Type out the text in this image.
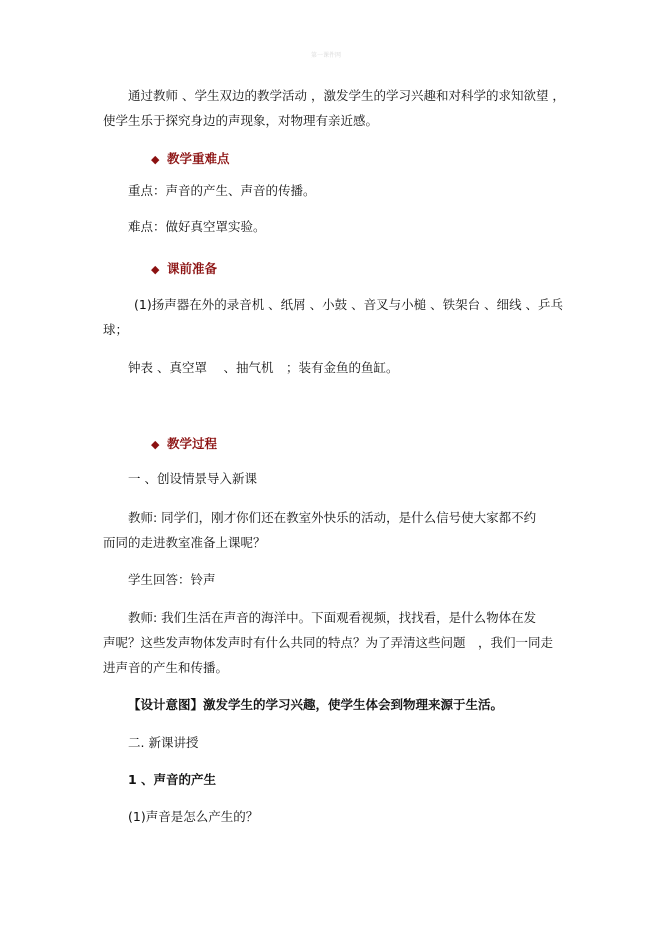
第一课件网
通过教师 、学生双边的教学活动 ，激发学生的学习兴趣和对科学的求知欲望 ，
使学生乐于探究身边的声现象，对物理有亲近感。
◆ 教学重难点
重点：声音的产生、声音的传播。
难点：做好真空罩实验。
◆ 课前准备
(1)扬声器在外的录音机 、纸屑 、小鼓 、音叉与小槌 、铁架台 、细线 、乒乓
球；
钟表 、真空罩　 、抽气机　；装有金鱼的鱼缸。
◆ 教学过程
一 、创设情景导入新课
教师: 同学们，刚才你们还在教室外快乐的活动，是什么信号使大家都不约
而同的走进教室准备上课呢？
学生回答：铃声
教师: 我们生活在声音的海洋中。下面观看视频，找找看，是什么物体在发
声呢？这些发声物体发声时有什么共同的特点？为了弄清这些问题　，我们一同走
进声音的产生和传播。
【设计意图】激发学生的学习兴趣，使学生体会到物理来源于生活。
二. 新课讲授
1 、声音的产生
(1)声音是怎么产生的？
